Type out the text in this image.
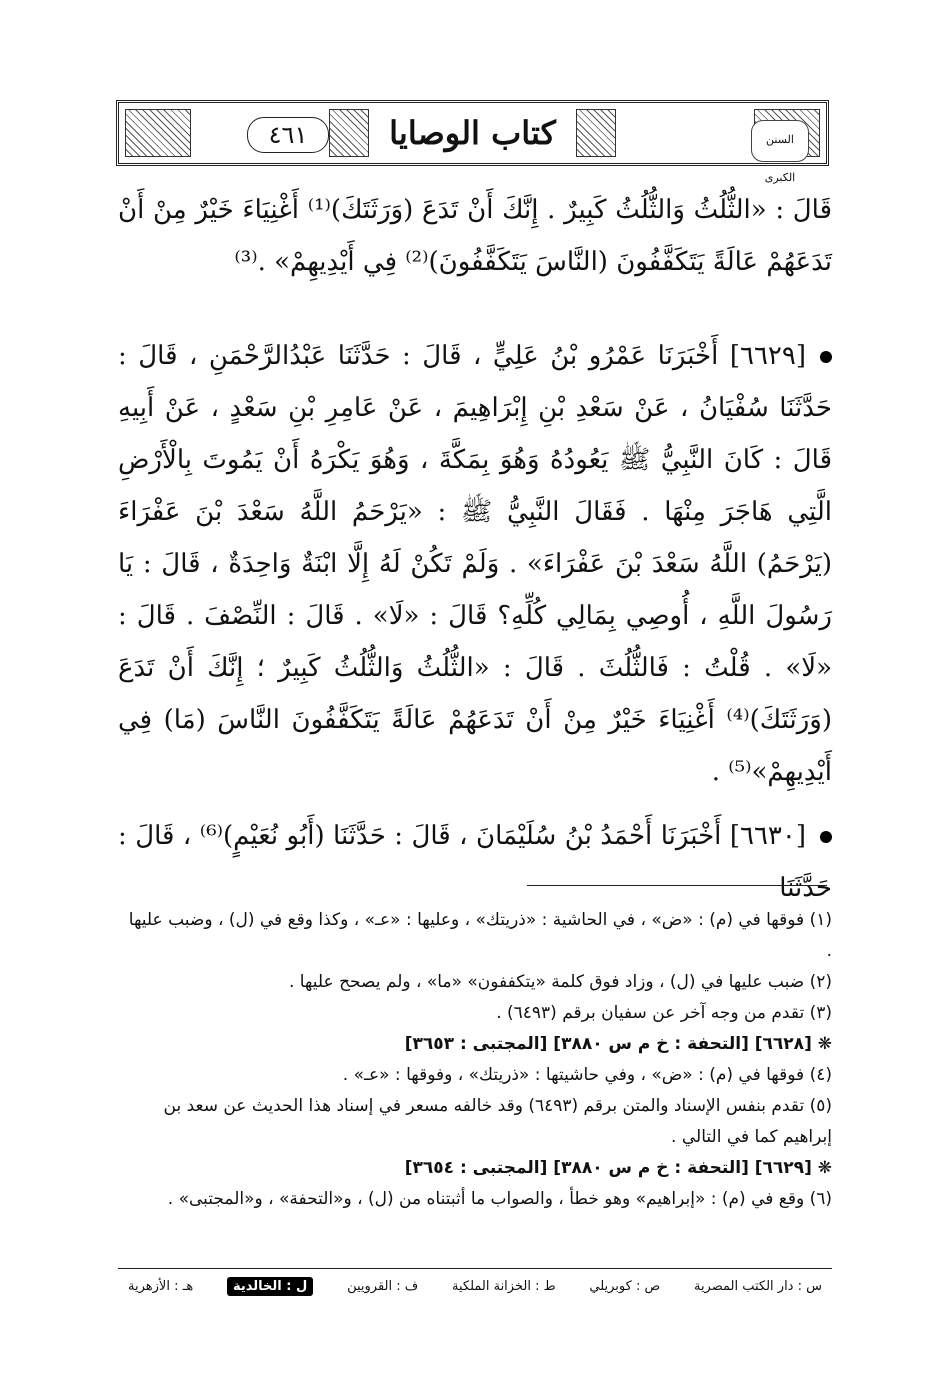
٤٦١	كتاب الوصايا	السنن الكبرى
قَالَ : «الثُّلُثُ وَالثُّلُثُ كَبِيرٌ . إِنَّكَ أَنْ تَدَعَ (وَرَثَتَكَ)⁽¹⁾ أَغْنِيَاءَ خَيْرٌ مِنْ أَنْ تَدَعَهُمْ عَالَةً يَتَكَفَّفُونَ (النَّاسَ يَتَكَفَّفُونَ)⁽²⁾ فِي أَيْدِيهِمْ» .⁽³⁾
[٦٦٢٩] أَخْبَرَنَا عَمْرُو بْنُ عَلِيٍّ ، قَالَ : حَدَّثَنَا عَبْدُالرَّحْمَنِ ، قَالَ : حَدَّثَنَا سُفْيَانُ ، عَنْ سَعْدِ بْنِ إِبْرَاهِيمَ ، عَنْ عَامِرِ بْنِ سَعْدٍ ، عَنْ أَبِيهِ قَالَ : كَانَ النَّبِيُّ ﷺ يَعُودُهُ وَهُوَ بِمَكَّةَ ، وَهُوَ يَكْرَهُ أَنْ يَمُوتَ بِالْأَرْضِ الَّتِي هَاجَرَ مِنْهَا . فَقَالَ النَّبِيُّ ﷺ : «يَرْحَمُ اللَّهُ سَعْدَ بْنَ عَفْرَاءَ (يَرْحَمُ) اللَّهُ سَعْدَ بْنَ عَفْرَاءَ» . وَلَمْ تَكُنْ لَهُ إِلَّا ابْنَةٌ وَاحِدَةٌ ، قَالَ : يَا رَسُولَ اللَّهِ ، أُوصِي بِمَالِي كُلِّهِ؟ قَالَ : «لَا» . قَالَ : النِّصْفَ . قَالَ : «لَا» . قُلْتُ : فَالثُّلُثَ . قَالَ : «الثُّلُثُ وَالثُّلُثُ كَبِيرٌ ؛ إِنَّكَ أَنْ تَدَعَ (وَرَثَتَكَ)⁽⁴⁾ أَغْنِيَاءَ خَيْرٌ مِنْ أَنْ تَدَعَهُمْ عَالَةً يَتَكَفَّفُونَ النَّاسَ (مَا) فِي أَيْدِيهِمْ»⁽⁵⁾ .
[٦٦٣٠] أَخْبَرَنَا أَحْمَدُ بْنُ سُلَيْمَانَ ، قَالَ : حَدَّثَنَا (أَبُو نُعَيْمٍ)⁽⁶⁾ ، قَالَ : حَدَّثَنَا
(١) فوقها في (م) : «ض» ، في الحاشية : «ذريتك» ، وعليها : «عـ» ، وكذا وقع في (ل) ، وضبب عليها .
(٢) ضبب عليها في (ل) ، وزاد فوق كلمة «يتكففون» «ما» ، ولم يصحح عليها .
(٣) تقدم من وجه آخر عن سفيان برقم (٦٤٩٣) .
❋ [٦٦٢٨] [التحفة : خ م س ٣٨٨٠] [المجتبى : ٣٦٥٣]
(٤) فوقها في (م) : «ض» ، وفي حاشيتها : «ذريتك» ، وفوقها : «عـ» .
(٥) تقدم بنفس الإسناد والمتن برقم (٦٤٩٣) وقد خالفه مسعر في إسناد هذا الحديث عن سعد بن إبراهيم كما في التالي .
❋ [٦٦٢٩] [التحفة : خ م س ٣٨٨٠] [المجتبى : ٣٦٥٤]
(٦) وقع في (م) : «إبراهيم» وهو خطأ ، والصواب ما أثبتناه من (ل) ، و«التحفة» ، و«المجتبى» .
س : دار الكتب المصرية
ص : كوبريلي
ط : الخزانة الملكية
ف : القرويين
ل : الخالدية
هـ : الأزهرية
